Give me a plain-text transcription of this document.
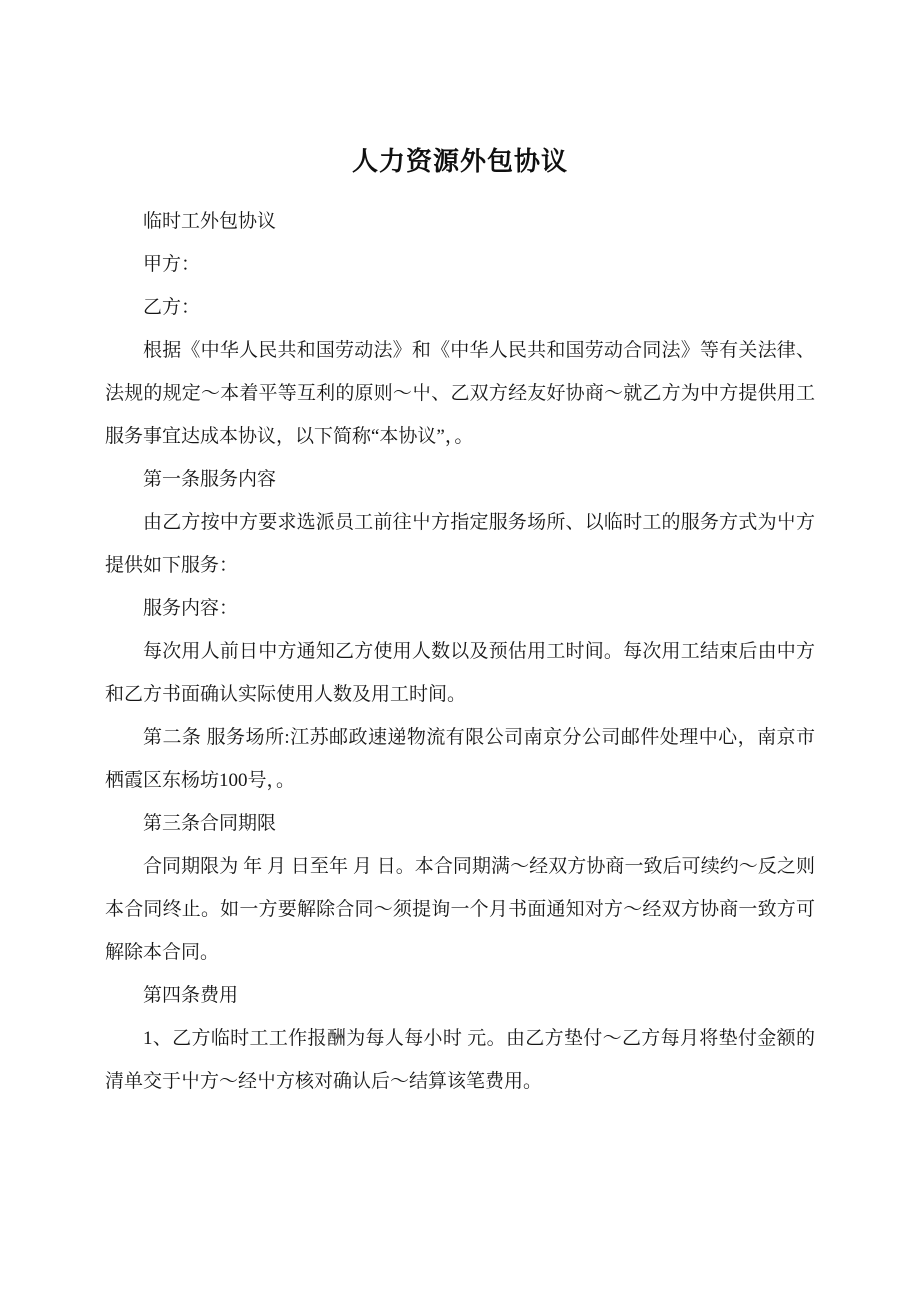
人力资源外包协议

临时工外包协议

甲方：

乙方：

根据《中华人民共和国劳动法》和《中华人民共和国劳动合同法》等有关法律、法规的规定～本着平等互利的原则～屮、乙双方经友好协商～就乙方为中方提供用工服务事宜达成本协议，以下简称“本协议”，。

第一条服务内容

由乙方按中方要求选派员工前往屮方指定服务场所、以临时工的服务方式为屮方提供如下服务：

服务内容：

每次用人前日中方通知乙方使用人数以及预估用工时间。每次用工结束后由中方和乙方书面确认实际使用人数及用工时间。

第二条 服务场所:江苏邮政速递物流有限公司南京分公司邮件处理中心，南京市栖霞区东杨坊100号，。

第三条合同期限

合同期限为 年 月 日至年 月 日。本合同期满～经双方协商一致后可续约～反之则本合同终止。如一方要解除合同～须提询一个月书面通知对方～经双方协商一致方可解除本合同。

第四条费用

1、乙方临时工工作报酬为每人每小时 元。由乙方垫付～乙方每月将垫付金额的清单交于屮方～经屮方核对确认后～结算该笔费用。
